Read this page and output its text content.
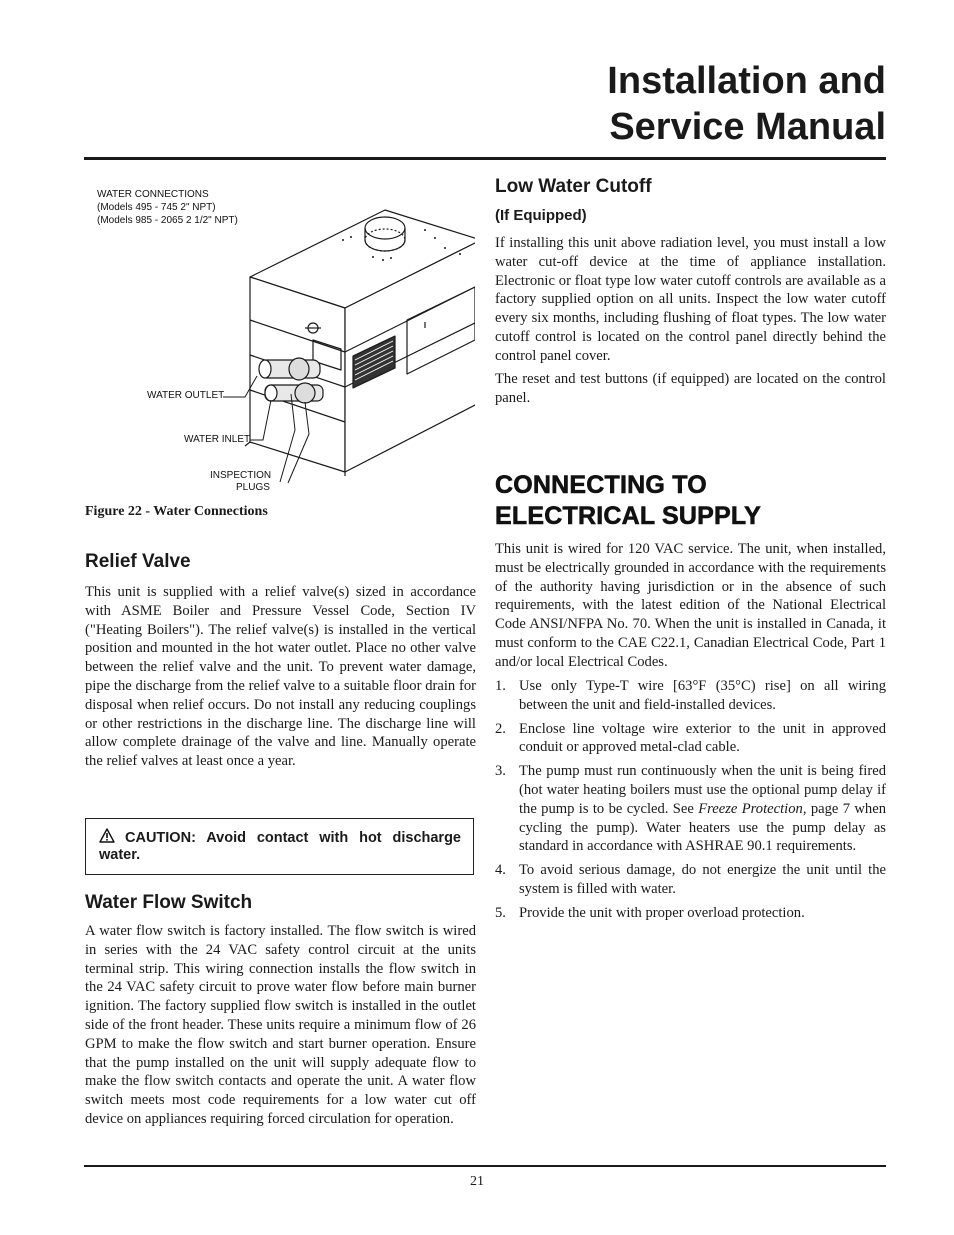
Installation and
Service Manual
WATER CONNECTIONS
(Models 495 - 745 2" NPT)
(Models 985 - 2065 2 1/2" NPT)
WATER OUTLET
WATER INLET
INSPECTION
PLUGS
Figure 22 - Water Connections
Relief Valve

This unit is supplied with a relief valve(s) sized in accordance with ASME Boiler and Pressure Vessel Code, Section IV ("Heating Boilers"). The relief valve(s) is installed in the vertical position and mounted in the hot water outlet. Place no other valve between the relief valve and the unit. To prevent water damage, pipe the discharge from the relief valve to a suitable floor drain for disposal when relief occurs. Do not install any reducing couplings or other restrictions in the discharge line. The discharge line will allow complete drainage of the valve and line. Manually operate the relief valves at least once a year.

CAUTION: Avoid contact with hot discharge water.
Water Flow Switch

A water flow switch is factory installed. The flow switch is wired in series with the 24 VAC safety control circuit at the units terminal strip. This wiring connection installs the flow switch in the 24 VAC safety circuit to prove water flow before main burner ignition. The factory supplied flow switch is installed in the outlet side of the front header. These units require a minimum flow of 26 GPM to make the flow switch and start burner operation. Ensure that the pump installed on the unit will supply adequate flow to make the flow switch contacts and operate the unit. A water flow switch meets most code requirements for a low water cut off device on appliances requiring forced circulation for operation.

Low Water Cutoff
(If Equipped)

If installing this unit above radiation level, you must install a low water cut-off device at the time of appliance installation. Electronic or float type low water cutoff controls are available as a factory supplied option on all units. Inspect the low water cutoff every six months, including flushing of float types. The low water cutoff control is located on the control panel directly behind the control panel cover.

The reset and test buttons (if equipped) are located on the control panel.

CONNECTING TO
ELECTRICAL SUPPLY

This unit is wired for 120 VAC service. The unit, when installed, must be electrically grounded in accordance with the requirements of the authority having jurisdiction or in the absence of such requirements, with the latest edition of the National Electrical Code ANSI/NFPA No. 70. When the unit is installed in Canada, it must conform to the CAE C22.1, Canadian Electrical Code, Part 1 and/or local Electrical Codes.

1. Use only Type-T wire [63°F (35°C) rise] on all wiring between the unit and field-installed devices.
2. Enclose line voltage wire exterior to the unit in approved conduit or approved metal-clad cable.
3. The pump must run continuously when the unit is being fired (hot water heating boilers must use the optional pump delay if the pump is to be cycled. See Freeze Protection, page 7 when cycling the pump). Water heaters use the pump delay as standard in accordance with ASHRAE 90.1 requirements.
4. To avoid serious damage, do not energize the unit until the system is filled with water.
5. Provide the unit with proper overload protection.
21
